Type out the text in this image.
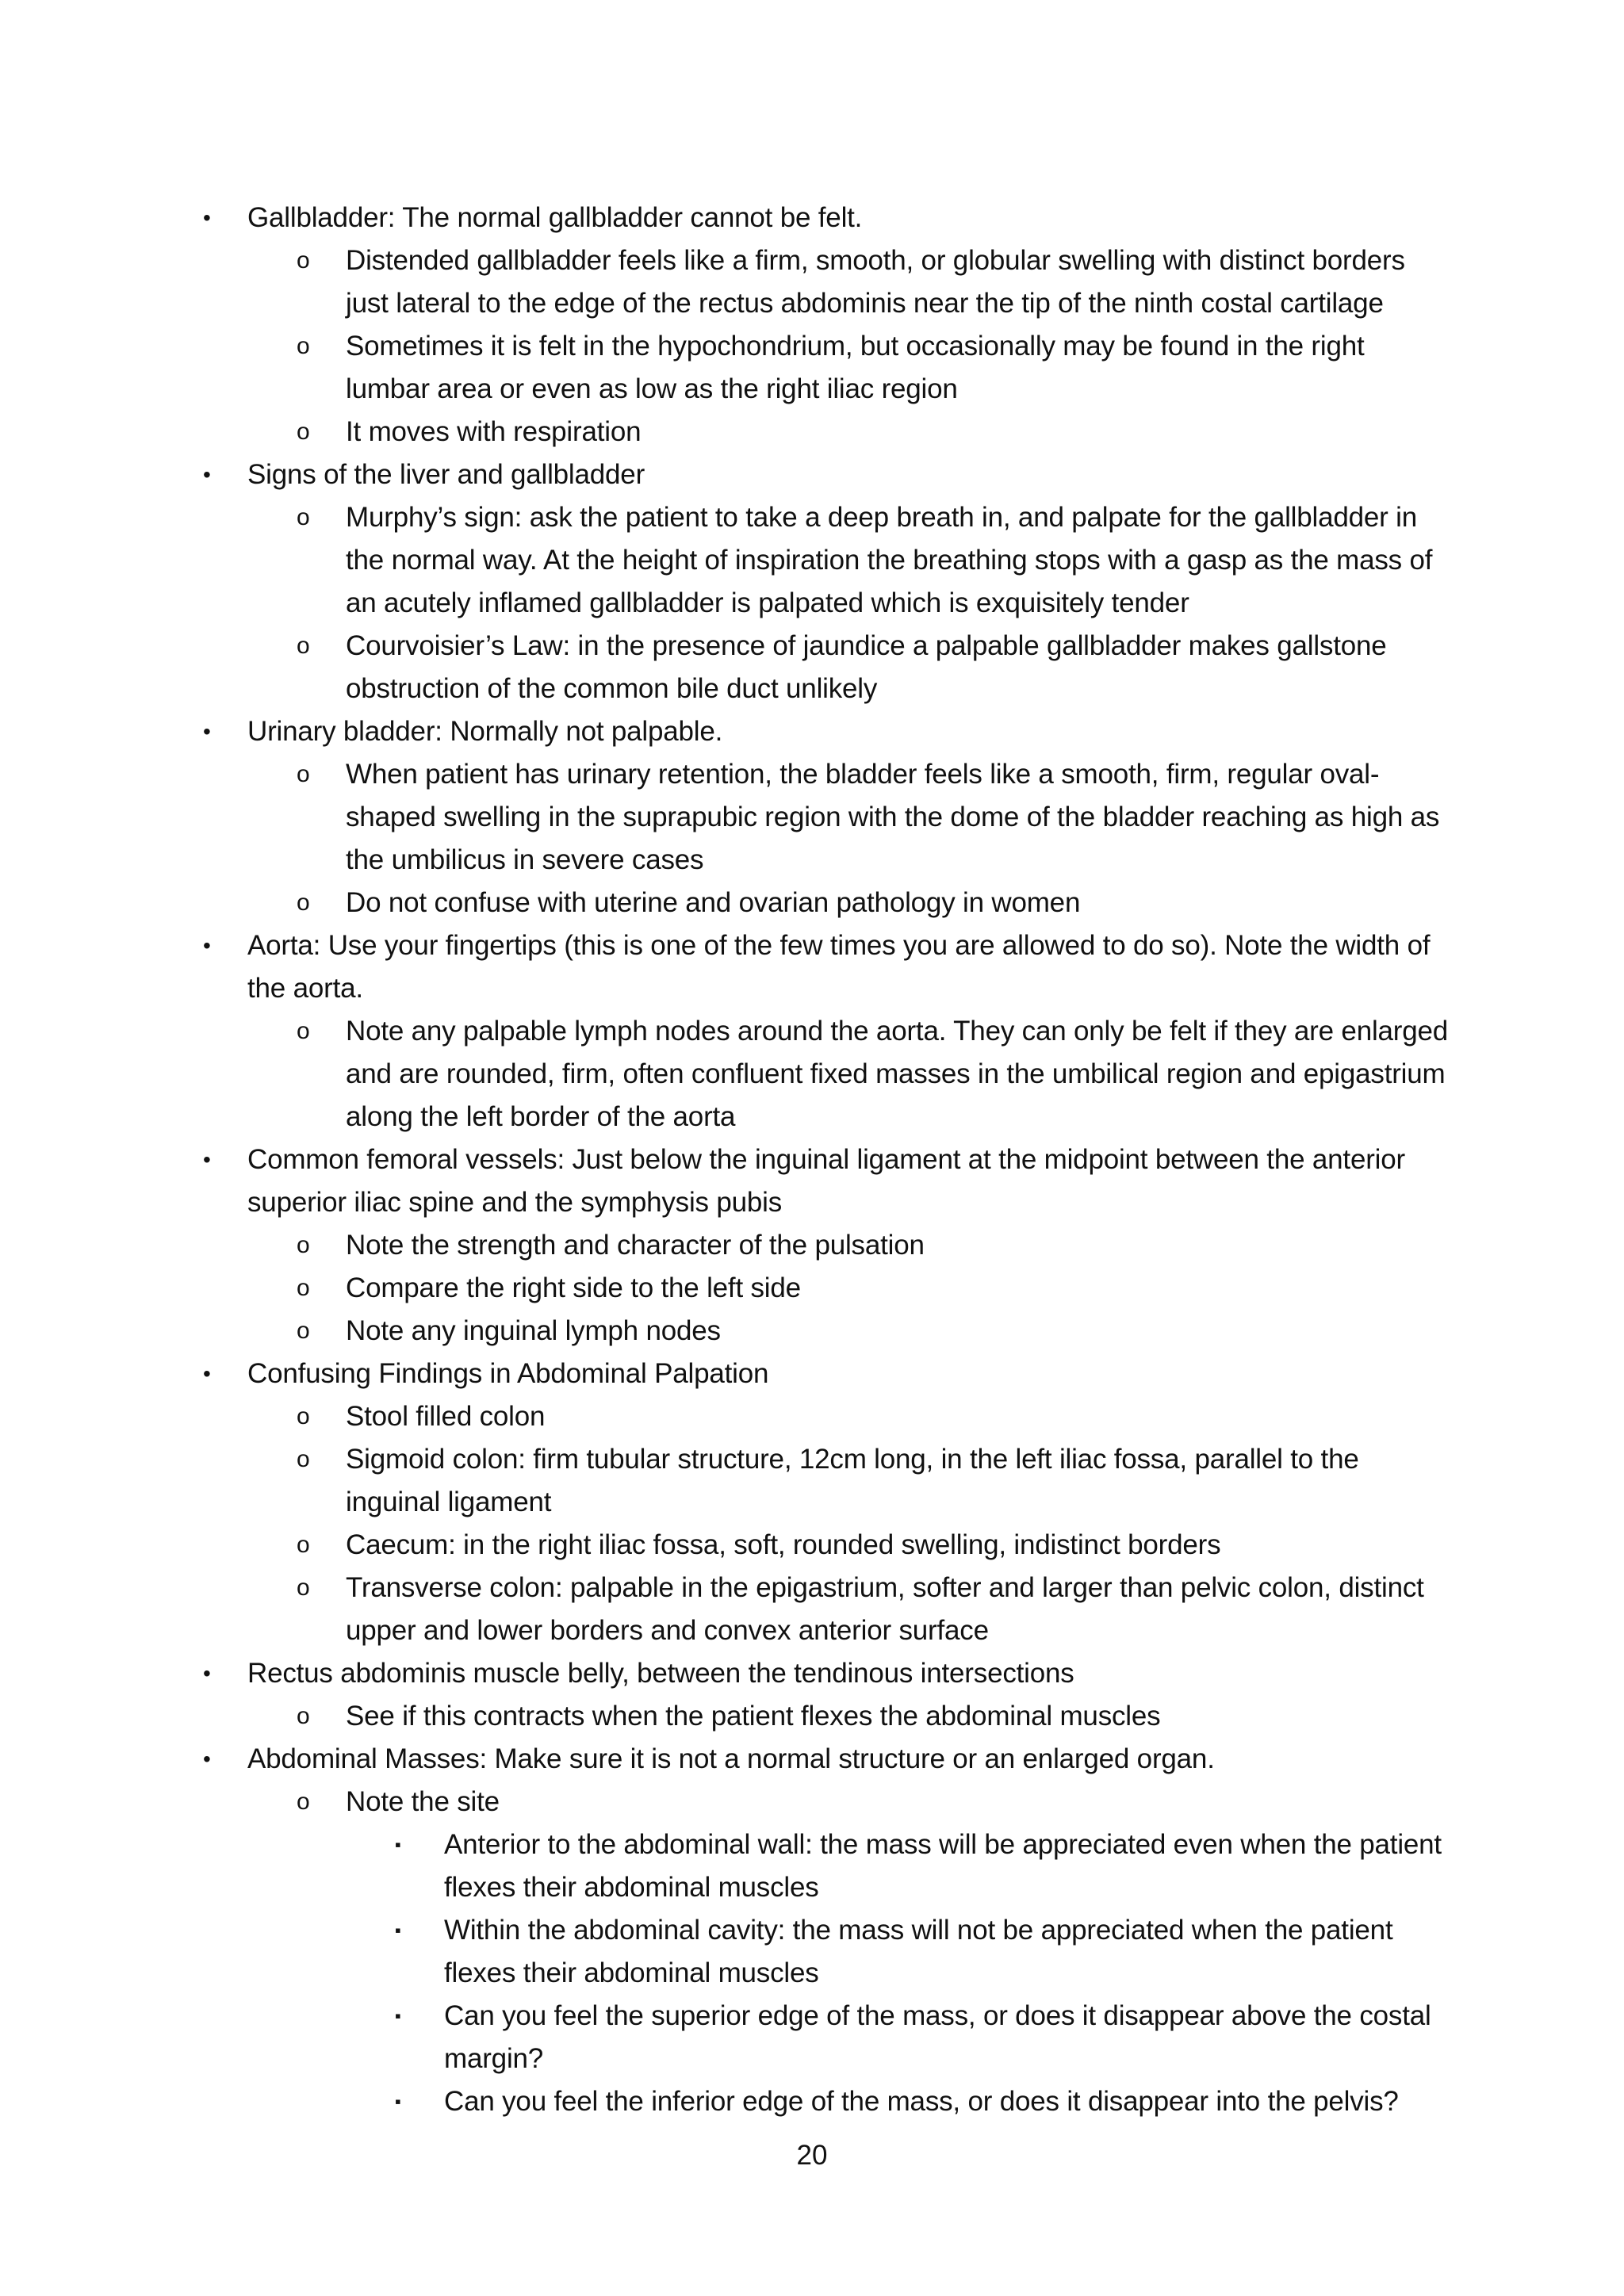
• Gallbladder: The normal gallbladder cannot be felt.
o Distended gallbladder feels like a firm, smooth, or globular swelling with distinct borders just lateral to the edge of the rectus abdominis near the tip of the ninth costal cartilage
o Sometimes it is felt in the hypochondrium, but occasionally may be found in the right lumbar area or even as low as the right iliac region
o It moves with respiration
• Signs of the liver and gallbladder
o Murphy’s sign: ask the patient to take a deep breath in, and palpate for the gallbladder in the normal way. At the height of inspiration the breathing stops with a gasp as the mass of an acutely inflamed gallbladder is palpated which is exquisitely tender
o Courvoisier’s Law: in the presence of jaundice a palpable gallbladder makes gallstone obstruction of the common bile duct unlikely
• Urinary bladder: Normally not palpable.
o When patient has urinary retention, the bladder feels like a smooth, firm, regular oval-shaped swelling in the suprapubic region with the dome of the bladder reaching as high as the umbilicus in severe cases
o Do not confuse with uterine and ovarian pathology in women
• Aorta: Use your fingertips (this is one of the few times you are allowed to do so). Note the width of the aorta.
o Note any palpable lymph nodes around the aorta. They can only be felt if they are enlarged and are rounded, firm, often confluent fixed masses in the umbilical region and epigastrium along the left border of the aorta
• Common femoral vessels: Just below the inguinal ligament at the midpoint between the anterior superior iliac spine and the symphysis pubis
o Note the strength and character of the pulsation
o Compare the right side to the left side
o Note any inguinal lymph nodes
• Confusing Findings in Abdominal Palpation
o Stool filled colon
o Sigmoid colon: firm tubular structure, 12cm long, in the left iliac fossa, parallel to the inguinal ligament
o Caecum: in the right iliac fossa, soft, rounded swelling, indistinct borders
o Transverse colon: palpable in the epigastrium, softer and larger than pelvic colon, distinct upper and lower borders and convex anterior surface
• Rectus abdominis muscle belly, between the tendinous intersections
o See if this contracts when the patient flexes the abdominal muscles
• Abdominal Masses: Make sure it is not a normal structure or an enlarged organ.
o Note the site
▪ Anterior to the abdominal wall: the mass will be appreciated even when the patient flexes their abdominal muscles
▪ Within the abdominal cavity: the mass will not be appreciated when the patient flexes their abdominal muscles
▪ Can you feel the superior edge of the mass, or does it disappear above the costal margin?
▪ Can you feel the inferior edge of the mass, or does it disappear into the pelvis?
20
